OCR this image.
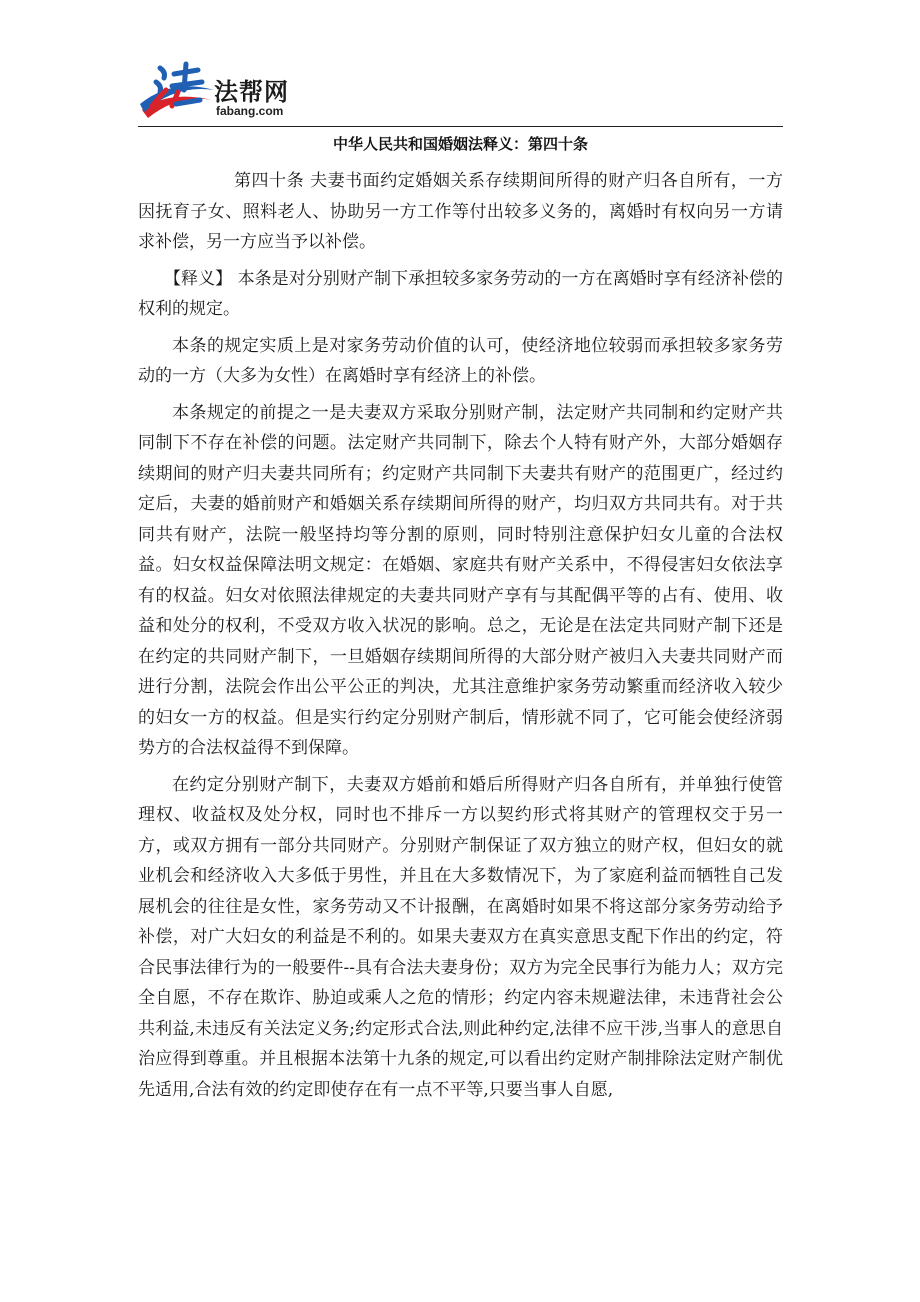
法帮网
fabang.com
中华人民共和国婚姻法释义：第四十条

第四十条 夫妻书面约定婚姻关系存续期间所得的财产归各自所有，一方因抚育子女、照料老人、协助另一方工作等付出较多义务的，离婚时有权向另一方请求补偿，另一方应当予以补偿。

【释义】 本条是对分别财产制下承担较多家务劳动的一方在离婚时享有经济补偿的权利的规定。

本条的规定实质上是对家务劳动价值的认可，使经济地位较弱而承担较多家务劳动的一方（大多为女性）在离婚时享有经济上的补偿。

本条规定的前提之一是夫妻双方采取分别财产制，法定财产共同制和约定财产共同制下不存在补偿的问题。法定财产共同制下，除去个人特有财产外，大部分婚姻存续期间的财产归夫妻共同所有；约定财产共同制下夫妻共有财产的范围更广，经过约定后，夫妻的婚前财产和婚姻关系存续期间所得的财产，均归双方共同共有。对于共同共有财产，法院一般坚持均等分割的原则，同时特别注意保护妇女儿童的合法权益。妇女权益保障法明文规定：在婚姻、家庭共有财产关系中，不得侵害妇女依法享有的权益。妇女对依照法律规定的夫妻共同财产享有与其配偶平等的占有、使用、收益和处分的权利，不受双方收入状况的影响。总之，无论是在法定共同财产制下还是在约定的共同财产制下，一旦婚姻存续期间所得的大部分财产被归入夫妻共同财产而进行分割，法院会作出公平公正的判决，尤其注意维护家务劳动繁重而经济收入较少的妇女一方的权益。但是实行约定分别财产制后，情形就不同了，它可能会使经济弱势方的合法权益得不到保障。

在约定分别财产制下，夫妻双方婚前和婚后所得财产归各自所有，并单独行使管理权、收益权及处分权，同时也不排斥一方以契约形式将其财产的管理权交于另一方，或双方拥有一部分共同财产。分别财产制保证了双方独立的财产权，但妇女的就业机会和经济收入大多低于男性，并且在大多数情况下，为了家庭利益而牺牲自己发展机会的往往是女性，家务劳动又不计报酬，在离婚时如果不将这部分家务劳动给予补偿，对广大妇女的利益是不利的。如果夫妻双方在真实意思支配下作出的约定，符合民事法律行为的一般要件--具有合法夫妻身份；双方为完全民事行为能力人；双方完全自愿，不存在欺诈、胁迫或乘人之危的情形；约定内容未规避法律，未违背社会公共利益,未违反有关法定义务;约定形式合法,则此种约定,法律不应干涉,当事人的意思自治应得到尊重。并且根据本法第十九条的规定,可以看出约定财产制排除法定财产制优先适用,合法有效的约定即使存在有一点不平等,只要当事人自愿,
